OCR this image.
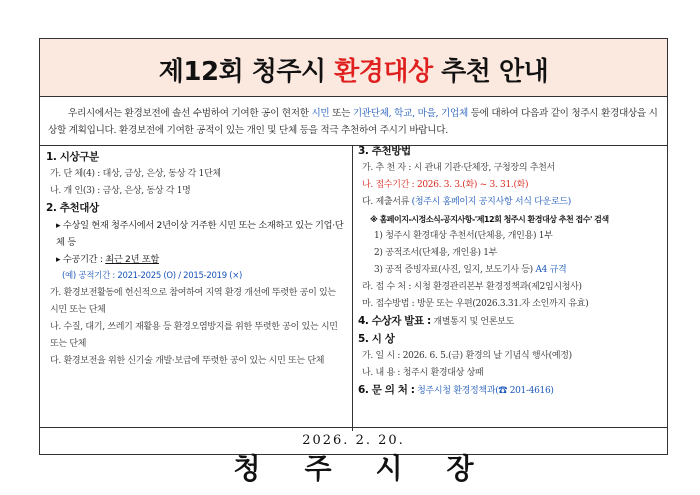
제12회 청주시 환경대상 추천 안내
우리시에서는 환경보전에 솔선 수범하여 기여한 공이 현저한 시민 또는 기관단체, 학교, 마을, 기업체 등에 대하여 다음과 같이 청주시 환경대상을 시상할 계획입니다. 환경보전에 기여한 공적이 있는 개인 및 단체 등을 적극 추천하여 주시기 바랍니다.
1. 시상구분
가. 단 체(4) : 대상, 금상, 은상, 동상 각 1단체
나. 개 인(3) : 금상, 은상, 동상 각 1명
2. 추천대상
▸ 수상일 현재 청주시에서 2년이상 거주한 시민 또는 소재하고 있는 기업·단체 등
▸ 수공기간 : 최근 2년 포함
(예) 공적기간 : 2021-2025 (O) / 2015-2019 (×)
가. 환경보전활동에 헌신적으로 참여하여 지역 환경 개선에 뚜렷한 공이 있는 시민 또는 단체
나. 수질, 대기, 쓰레기 재활용 등 환경오염방지를 위한 뚜렷한 공이 있는 시민 또는 단체
다. 환경보전을 위한 신기술 개발·보급에 뚜렷한 공이 있는 시민 또는 단체
3. 추천방법
가. 추 천 자 : 시 관내 기관·단체장, 구청장의 추천서
나. 접수기간 : 2026. 3. 3.(화) ~ 3. 31.(화)
다. 제출서류 (청주시 홈페이지 공지사항 서식 다운로드)
※ 홈페이지-시정소식-공지사항-'제12회 청주시 환경대상 추천 접수' 검색
1) 청주시 환경대상 추천서(단체용, 개인용) 1부
2) 공적조서(단체용, 개인용) 1부
3) 공적 증빙자료(사진, 일지, 보도기사 등) A4 규격
라. 접 수 처 : 시청 환경관리본부 환경정책과(제2임시청사)
마. 접수방법 : 방문 또는 우편(2026.3.31.자 소인까지 유효)
4. 수상자 발표 : 개별통지 및 언론보도
5. 시 상
가. 일 시 : 2026. 6. 5.(금) 환경의 날 기념식 행사(예정)
나. 내 용 : 청주시 환경대상 상패
6. 문 의 처 : 청주시청 환경정책과(☎ 201-4616)
2026. 2. 20.
청주시장
